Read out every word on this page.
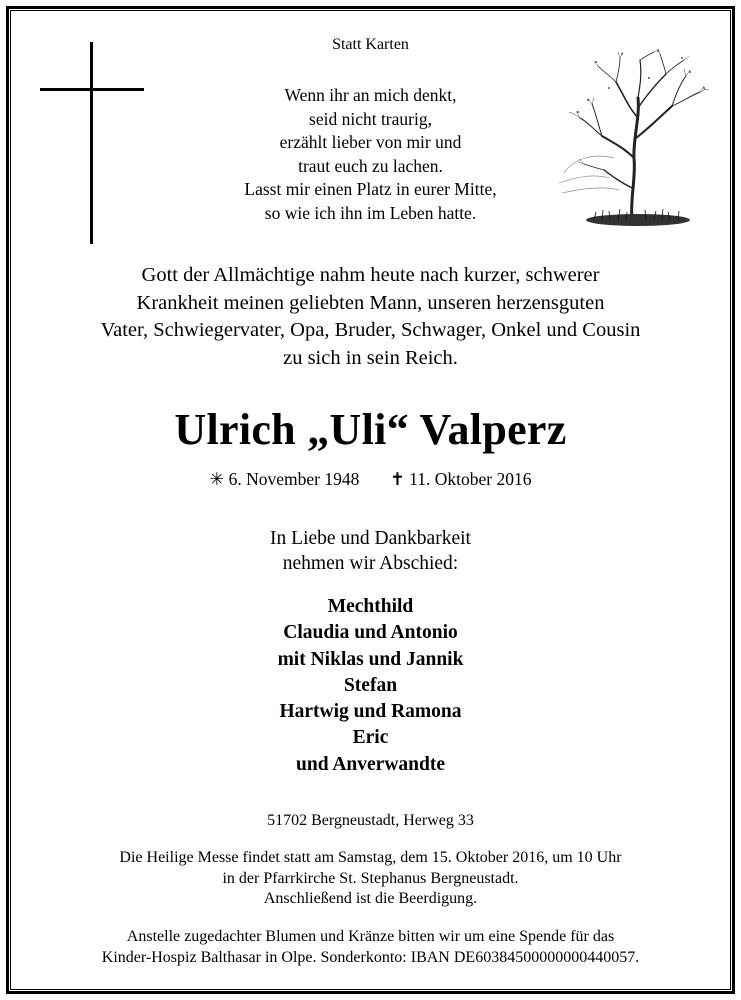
Statt Karten
Wenn ihr an mich denkt,
seid nicht traurig,
erzählt lieber von mir und
traut euch zu lachen.
Lasst mir einen Platz in eurer Mitte,
so wie ich ihn im Leben hatte.
Gott der Allmächtige nahm heute nach kurzer, schwerer
Krankheit meinen geliebten Mann, unseren herzensguten
Vater, Schwiegervater, Opa, Bruder, Schwager, Onkel und Cousin
zu sich in sein Reich.
Ulrich „Uli“ Valperz
✳ 6. November 1948 ✝ 11. Oktober 2016
In Liebe und Dankbarkeit
nehmen wir Abschied:
Mechthild
Claudia und Antonio
mit Niklas und Jannik
Stefan
Hartwig und Ramona
Eric
und Anverwandte
51702 Bergneustadt, Herweg 33
Die Heilige Messe findet statt am Samstag, dem 15. Oktober 2016, um 10 Uhr
in der Pfarrkirche St. Stephanus Bergneustadt.
Anschließend ist die Beerdigung.
Anstelle zugedachter Blumen und Kränze bitten wir um eine Spende für das
Kinder-Hospiz Balthasar in Olpe. Sonderkonto: IBAN DE60384500000000440057.
